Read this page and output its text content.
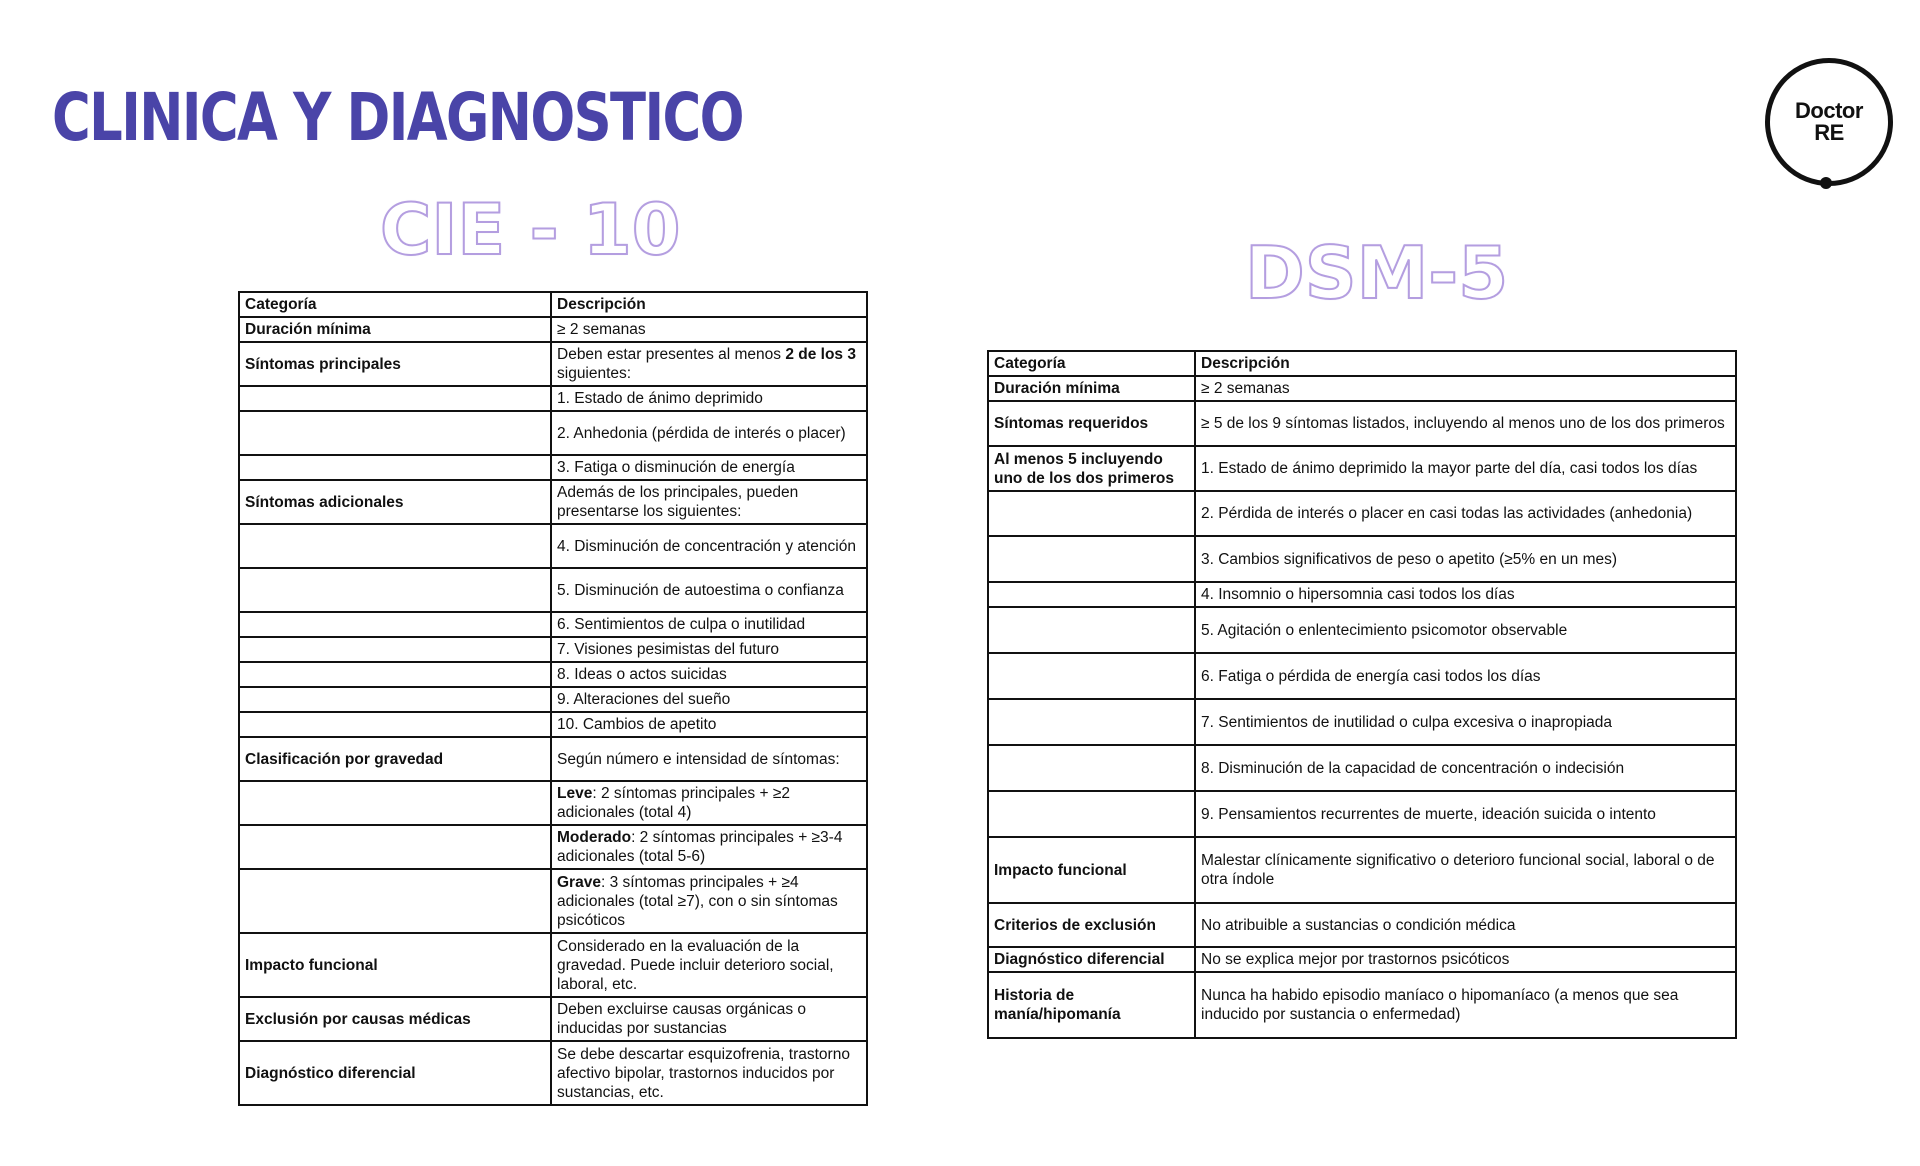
CLINICA Y DIAGNOSTICO	Doctor
RE
CIE - 10
DSM-5
Categoría	Descripción
Duración mínima	≥ 2 semanas
Síntomas principales	Deben estar presentes al menos 2 de los 3 siguientes:
	1. Estado de ánimo deprimido
	2. Anhedonia (pérdida de interés o placer)
	3. Fatiga o disminución de energía
Síntomas adicionales	Además de los principales, pueden presentarse los siguientes:
	4. Disminución de concentración y atención
	5. Disminución de autoestima o confianza
	6. Sentimientos de culpa o inutilidad
	7. Visiones pesimistas del futuro
	8. Ideas o actos suicidas
	9. Alteraciones del sueño
	10. Cambios de apetito
Clasificación por gravedad	Según número e intensidad de síntomas:
	Leve: 2 síntomas principales + ≥2 adicionales (total 4)
	Moderado: 2 síntomas principales + ≥3-4 adicionales (total 5-6)
	Grave: 3 síntomas principales + ≥4 adicionales (total ≥7), con o sin síntomas psicóticos
Impacto funcional	Considerado en la evaluación de la gravedad. Puede incluir deterioro social, laboral, etc.
Exclusión por causas médicas	Deben excluirse causas orgánicas o inducidas por sustancias
Diagnóstico diferencial	Se debe descartar esquizofrenia, trastorno afectivo bipolar, trastornos inducidos por sustancias, etc.
Categoría	Descripción
Duración mínima	≥ 2 semanas
Síntomas requeridos	≥ 5 de los 9 síntomas listados, incluyendo al menos uno de los dos primeros
Al menos 5 incluyendo uno de los dos primeros	1. Estado de ánimo deprimido la mayor parte del día, casi todos los días
	2. Pérdida de interés o placer en casi todas las actividades (anhedonia)
	3. Cambios significativos de peso o apetito (≥5% en un mes)
	4. Insomnio o hipersomnia casi todos los días
	5. Agitación o enlentecimiento psicomotor observable
	6. Fatiga o pérdida de energía casi todos los días
	7. Sentimientos de inutilidad o culpa excesiva o inapropiada
	8. Disminución de la capacidad de concentración o indecisión
	9. Pensamientos recurrentes de muerte, ideación suicida o intento
Impacto funcional	Malestar clínicamente significativo o deterioro funcional social, laboral o de otra índole
Criterios de exclusión	No atribuible a sustancias o condición médica
Diagnóstico diferencial	No se explica mejor por trastornos psicóticos
Historia de manía/hipomanía	Nunca ha habido episodio maníaco o hipomaníaco (a menos que sea inducido por sustancia o enfermedad)
